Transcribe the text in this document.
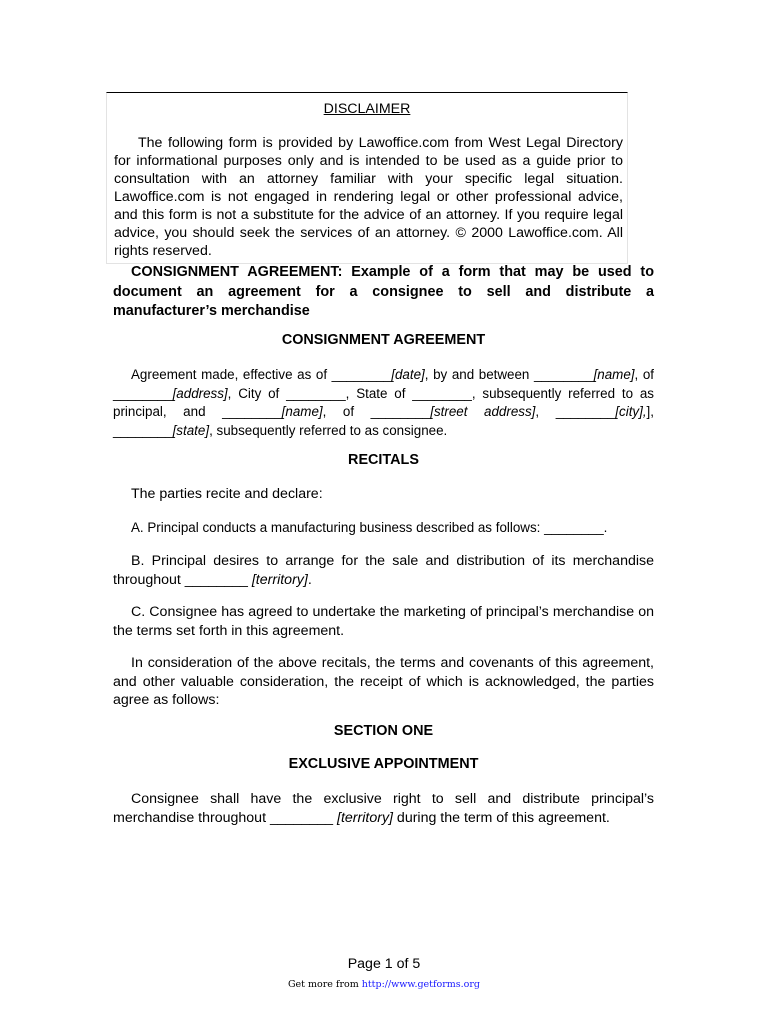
DISCLAIMER
The following form is provided by Lawoffice.com from West Legal Directory for informational purposes only and is intended to be used as a guide prior to consultation with an attorney familiar with your specific legal situation. Lawoffice.com is not engaged in rendering legal or other professional advice, and this form is not a substitute for the advice of an attorney. If you require legal advice, you should seek the services of an attorney. © 2000 Lawoffice.com. All rights reserved.
CONSIGNMENT AGREEMENT: Example of a form that may be used to document an agreement for a consignee to sell and distribute a manufacturer’s merchandise
CONSIGNMENT AGREEMENT
Agreement made, effective as of ________[date], by and between ________[name], of ________[address], City of ________, State of ________, subsequently referred to as principal, and ________[name], of ________[street address], ________[city],], ________[state], subsequently referred to as consignee.
RECITALS
The parties recite and declare:
A. Principal conducts a manufacturing business described as follows: ________.
B. Principal desires to arrange for the sale and distribution of its merchandise throughout ________ [territory].
C. Consignee has agreed to undertake the marketing of principal’s merchandise on the terms set forth in this agreement.
In consideration of the above recitals, the terms and covenants of this agreement, and other valuable consideration, the receipt of which is acknowledged, the parties agree as follows:
SECTION ONE
EXCLUSIVE APPOINTMENT
Consignee shall have the exclusive right to sell and distribute principal’s merchandise throughout ________ [territory] during the term of this agreement.
Page 1 of 5
Get more from http://www.getforms.org
